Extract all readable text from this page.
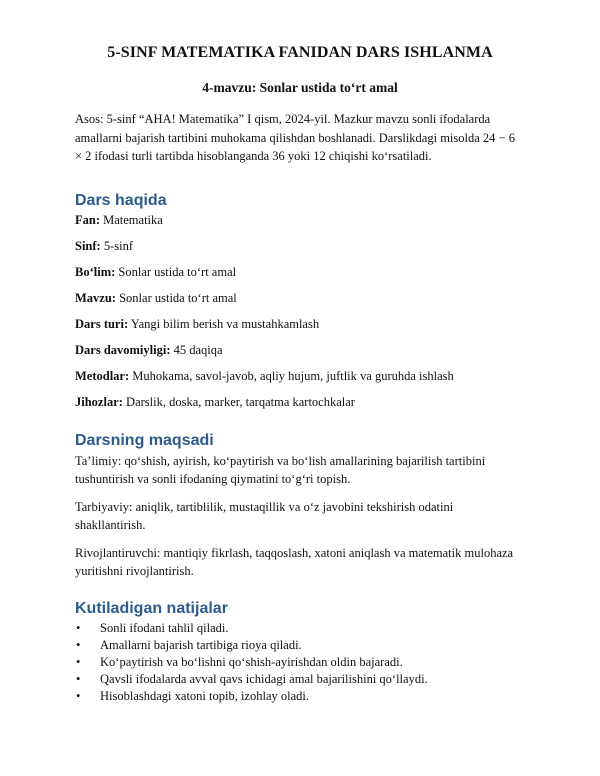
5-SINF MATEMATIKA FANIDAN DARS ISHLANMA
4-mavzu: Sonlar ustida to‘rt amal

Asos: 5-sinf “AHA! Matematika” I qism, 2024-yil. Mazkur mavzu sonli ifodalarda amallarni bajarish tartibini muhokama qilishdan boshlanadi. Darslikdagi misolda 24 − 6 × 2 ifodasi turli tartibda hisoblanganda 36 yoki 12 chiqishi ko‘rsatiladi.

Dars haqida
Fan: Matematika
Sinf: 5-sinf
Bo‘lim: Sonlar ustida to‘rt amal
Mavzu: Sonlar ustida to‘rt amal
Dars turi: Yangi bilim berish va mustahkamlash
Dars davomiyligi: 45 daqiqa
Metodlar: Muhokama, savol-javob, aqliy hujum, juftlik va guruhda ishlash
Jihozlar: Darslik, doska, marker, tarqatma kartochkalar
Darsning maqsadi

Ta’limiy: qo‘shish, ayirish, ko‘paytirish va bo‘lish amallarining bajarilish tartibini tushuntirish va sonli ifodaning qiymatini to‘g‘ri topish.

Tarbiyaviy: aniqlik, tartiblilik, mustaqillik va o‘z javobini tekshirish odatini shakllantirish.

Rivojlantiruvchi: mantiqiy fikrlash, taqqoslash, xatoni aniqlash va matematik mulohaza yuritishni rivojlantirish.

Kutiladigan natijalar
• Sonli ifodani tahlil qiladi.
• Amallarni bajarish tartibiga rioya qiladi.
• Ko‘paytirish va bo‘lishni qo‘shish-ayirishdan oldin bajaradi.
• Qavsli ifodalarda avval qavs ichidagi amal bajarilishini qo‘llaydi.
• Hisoblashdagi xatoni topib, izohlay oladi.
